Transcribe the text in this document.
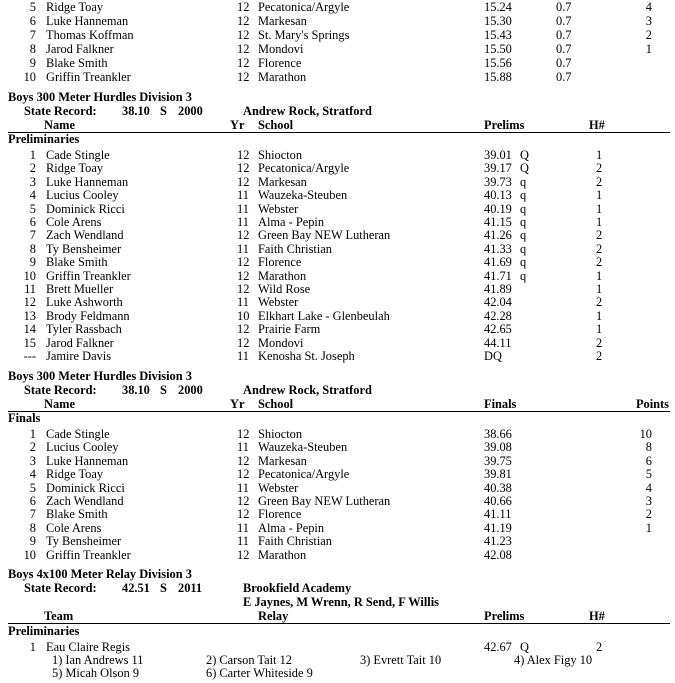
5 Ridge Toay	12 Pecatonica/Argyle	15.24	0.7	4
6 Luke Hanneman	12 Markesan	15.30	0.7	3
7 Thomas Koffman	12 St. Mary's Springs	15.43	0.7	2
8 Jarod Falkner	12 Mondovi	15.50	0.7	1
9 Blake Smith	12 Florence	15.56	0.7
10 Griffin Treankler	12 Marathon	15.88	0.7
Boys 300 Meter Hurdles Division 3
State Record: 38.10 S 2000	Andrew Rock, Stratford
Name	Yr School	Prelims	H#
Preliminaries
1 Cade Stingle	12 Shiocton	39.01 Q	1
2 Ridge Toay	12 Pecatonica/Argyle	39.17 Q	2
3 Luke Hanneman	12 Markesan	39.73 q	2
4 Lucius Cooley	11 Wauzeka-Steuben	40.13 q	1
5 Dominick Ricci	11 Webster	40.19 q	1
6 Cole Arens	11 Alma - Pepin	41.15 q	1
7 Zach Wendland	12 Green Bay NEW Lutheran	41.26 q	2
8 Ty Bensheimer	11 Faith Christian	41.33 q	2
9 Blake Smith	12 Florence	41.69 q	2
10 Griffin Treankler	12 Marathon	41.71 q	1
11 Brett Mueller	12 Wild Rose	41.89	1
12 Luke Ashworth	11 Webster	42.04	2
13 Brody Feldmann	10 Elkhart Lake - Glenbeulah	42.28	1
14 Tyler Rassbach	12 Prairie Farm	42.65	1
15 Jarod Falkner	12 Mondovi	44.11	2
--- Jamire Davis	11 Kenosha St. Joseph	DQ	2
Boys 300 Meter Hurdles Division 3
State Record: 38.10 S 2000	Andrew Rock, Stratford
Name	Yr School	Finals	Points
Finals
1 Cade Stingle	12 Shiocton	38.66	10
2 Lucius Cooley	11 Wauzeka-Steuben	39.08	8
3 Luke Hanneman	12 Markesan	39.75	6
4 Ridge Toay	12 Pecatonica/Argyle	39.81	5
5 Dominick Ricci	11 Webster	40.38	4
6 Zach Wendland	12 Green Bay NEW Lutheran	40.66	3
7 Blake Smith	12 Florence	41.11	2
8 Cole Arens	11 Alma - Pepin	41.19	1
9 Ty Bensheimer	11 Faith Christian	41.23
10 Griffin Treankler	12 Marathon	42.08
Boys 4x100 Meter Relay Division 3
State Record: 42.51 S 2011	Brookfield Academy
E Jaynes, M Wrenn, R Send, F Willis
Team	Relay	Prelims	H#
Preliminaries
1 Eau Claire Regis	42.67 Q	2
1) Ian Andrews 11	2) Carson Tait 12	3) Evrett Tait 10	4) Alex Figy 10
5) Micah Olson 9	6) Carter Whiteside 9
